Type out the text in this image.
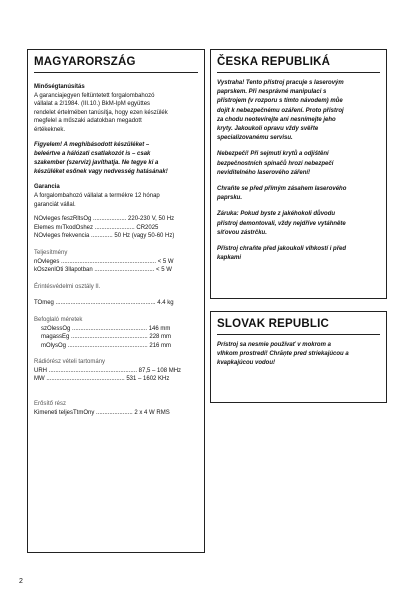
MAGYARORSZÁG
Minőségtanúsítás
A garanciajegyen feltüntetett forgalombahozó
vállalat a 2/1984. (III.10.) BkM-IpM együttes
rendelet értelmében tanúsítja, hogy ezen készülék
megfelel a műszaki adatokban megadott
értékeknek.
Figyelem! A meghibásodott készüléket –
beleértve a hálózati csatlakozót is – csak
szakember (szerviz) javíthatja. Ne tegye ki a
készüléket esőnek vagy nedvesség hatásának!
Garancia
A forgalombahozó vállalat a termékre 12 hónap
garanciát vállal.
NOvleges feszRltsOg .................... 220-230 V, 50 Hz
Elemes mıTkodOshez ........................ CR2025
NOvleges frekvencia ............. 50 Hz (vagy 50-60 Hz)
Teljesítmény
nOvleges ......................................................... < 5 W
kOszenlOti 3llapotban .................................... < 5 W
Érintésvédelmi osztály II.
TOmeg ............................................................ 4.4 kg
Befoglaló méretek
szOlessOg ............................................. 146 mm
magassEg .............................................. 228 mm
mOlysOg ................................................ 216 mm
Rádiórész vételi tartomány
URH ..................................................... 87,5 – 108 MHz
MW ............................................... 531 – 1602 KHz
Erősítő rész
Kimeneti teljesTtmOny ...................... 2 x 4 W RMS
ČESKA REPUBLIKÁ

Vystraha! Tento přístroj pracuje s laserovým
paprskem. Při nesprávné manipulaci s
přístrojem (v rozporu s tímto návodem) můe
dojít k nebezpečnému ozáření. Proto přístroj
za chodu neotevírejte ani nesnímejte jeho
kryty. Jakoukoli opravu vždy svěřte
specializovanému servisu.

Nebezpečí! Při sejmutí krytů a odjištění
bezpečnostních spínačů hrozí nebezpečí
neviditelného laserového záření!

Chraňte se před přímým zásahem laserového
paprsku.

Záruka: Pokud byste z jakéhokoli důvodu
přístroj demontovali, vždy nejdříve vytáhněte
síťovou zástrčku.

Přístroj chraňte před jakoukoli vlhkostí i před
kapkami

SLOVAK REPUBLIC

Prístroj sa nesmie používať v mokrom a
vlhkom prostredí! Chrăņte pred striekajúcou a
kvapkajúcou vodou!

2
